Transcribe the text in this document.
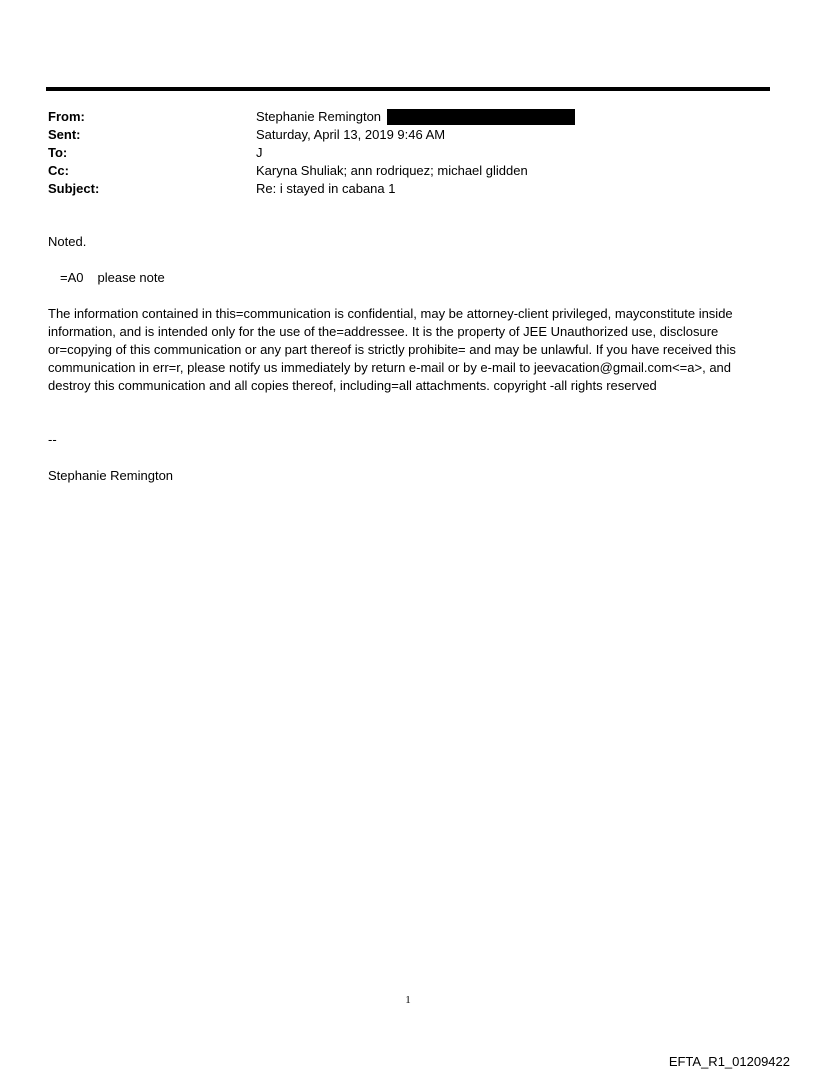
From:	Stephanie Remington
Sent:	Saturday, April 13, 2019 9:46 AM
To:	J
Cc:	Karyna Shuliak; ann rodriquez; michael glidden
Subject:	Re: i stayed in cabana 1
Noted.
=A0 please note
The information contained in this=communication is confidential, may be attorney-client privileged, mayconstitute inside information, and is intended only for the use of the=addressee. It is the property of JEE Unauthorized use, disclosure or=copying of this communication or any part thereof is strictly prohibite= and may be unlawful. If you have received this communication in err=r, please notify us immediately by return e-mail or by e-mail to jeevacation@gmail.com<=a>, and destroy this communication and all copies thereof, including=all attachments. copyright -all rights reserved
--
Stephanie Remington
1
EFTA_R1_01209422
